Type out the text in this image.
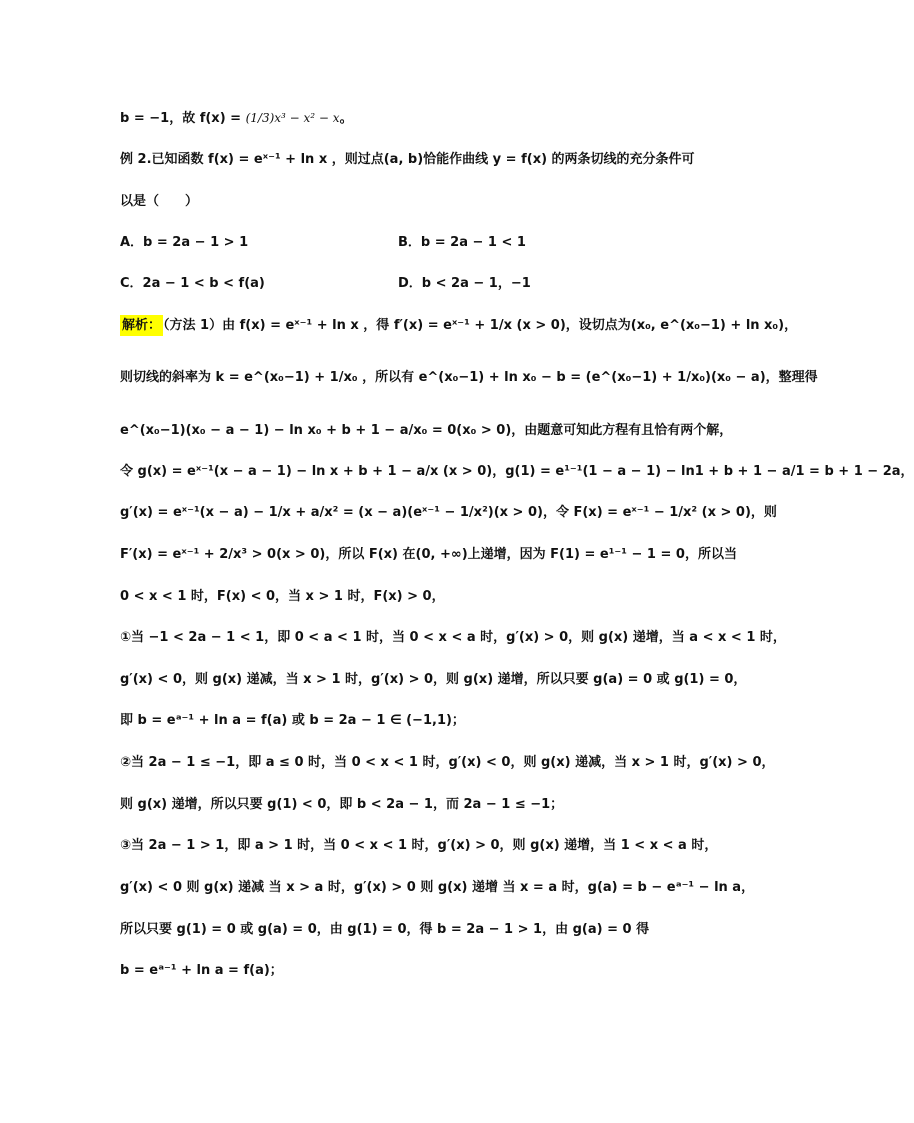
b = −1，故 f(x) = (1/3)x³ − x² − x。
例 2.已知函数 f(x) = eˣ⁻¹ + ln x ，则过点(a, b)恰能作曲线 y = f(x) 的两条切线的充分条件可
以是（　　）
A．b = 2a − 1 > 1	B．b = 2a − 1 < 1
C．2a − 1 < b < f(a)	D．b < 2a − 1，−1
解析： （方法 1）由 f(x) = eˣ⁻¹ + ln x ，得 f′(x) = eˣ⁻¹ + 1/x (x > 0)，设切点为(x₀, e^(x₀−1) + ln x₀)，
则切线的斜率为 k = e^(x₀−1) + 1/x₀ ，所以有 e^(x₀−1) + ln x₀ − b = (e^(x₀−1) + 1/x₀)(x₀ − a)，整理得
e^(x₀−1)(x₀ − a − 1) − ln x₀ + b + 1 − a/x₀ = 0(x₀ > 0)，由题意可知此方程有且恰有两个解，
令 g(x) = eˣ⁻¹(x − a − 1) − ln x + b + 1 − a/x (x > 0)，g(1) = e¹⁻¹(1 − a − 1) − ln1 + b + 1 − a/1 = b + 1 − 2a，
g′(x) = eˣ⁻¹(x − a) − 1/x + a/x² = (x − a)(eˣ⁻¹ − 1/x²)(x > 0)，令 F(x) = eˣ⁻¹ − 1/x² (x > 0)，则
F′(x) = eˣ⁻¹ + 2/x³ > 0(x > 0)，所以 F(x) 在(0, +∞)上递增，因为 F(1) = e¹⁻¹ − 1 = 0，所以当
0 < x < 1 时，F(x) < 0，当 x > 1 时，F(x) > 0，
①当 −1 < 2a − 1 < 1，即 0 < a < 1 时，当 0 < x < a 时，g′(x) > 0，则 g(x) 递增，当 a < x < 1 时，
g′(x) < 0，则 g(x) 递减，当 x > 1 时，g′(x) > 0，则 g(x) 递增，所以只要 g(a) = 0 或 g(1) = 0，
即 b = eᵃ⁻¹ + ln a = f(a) 或 b = 2a − 1 ∈ (−1,1)；
②当 2a − 1 ≤ −1，即 a ≤ 0 时，当 0 < x < 1 时，g′(x) < 0，则 g(x) 递减，当 x > 1 时，g′(x) > 0，
则 g(x) 递增，所以只要 g(1) < 0，即 b < 2a − 1，而 2a − 1 ≤ −1；
③当 2a − 1 > 1，即 a > 1 时，当 0 < x < 1 时，g′(x) > 0，则 g(x) 递增，当 1 < x < a 时，
g′(x) < 0 则 g(x) 递减 当 x > a 时，g′(x) > 0 则 g(x) 递增 当 x = a 时，g(a) = b − eᵃ⁻¹ − ln a，
所以只要 g(1) = 0 或 g(a) = 0，由 g(1) = 0，得 b = 2a − 1 > 1，由 g(a) = 0 得
b = eᵃ⁻¹ + ln a = f(a)；
